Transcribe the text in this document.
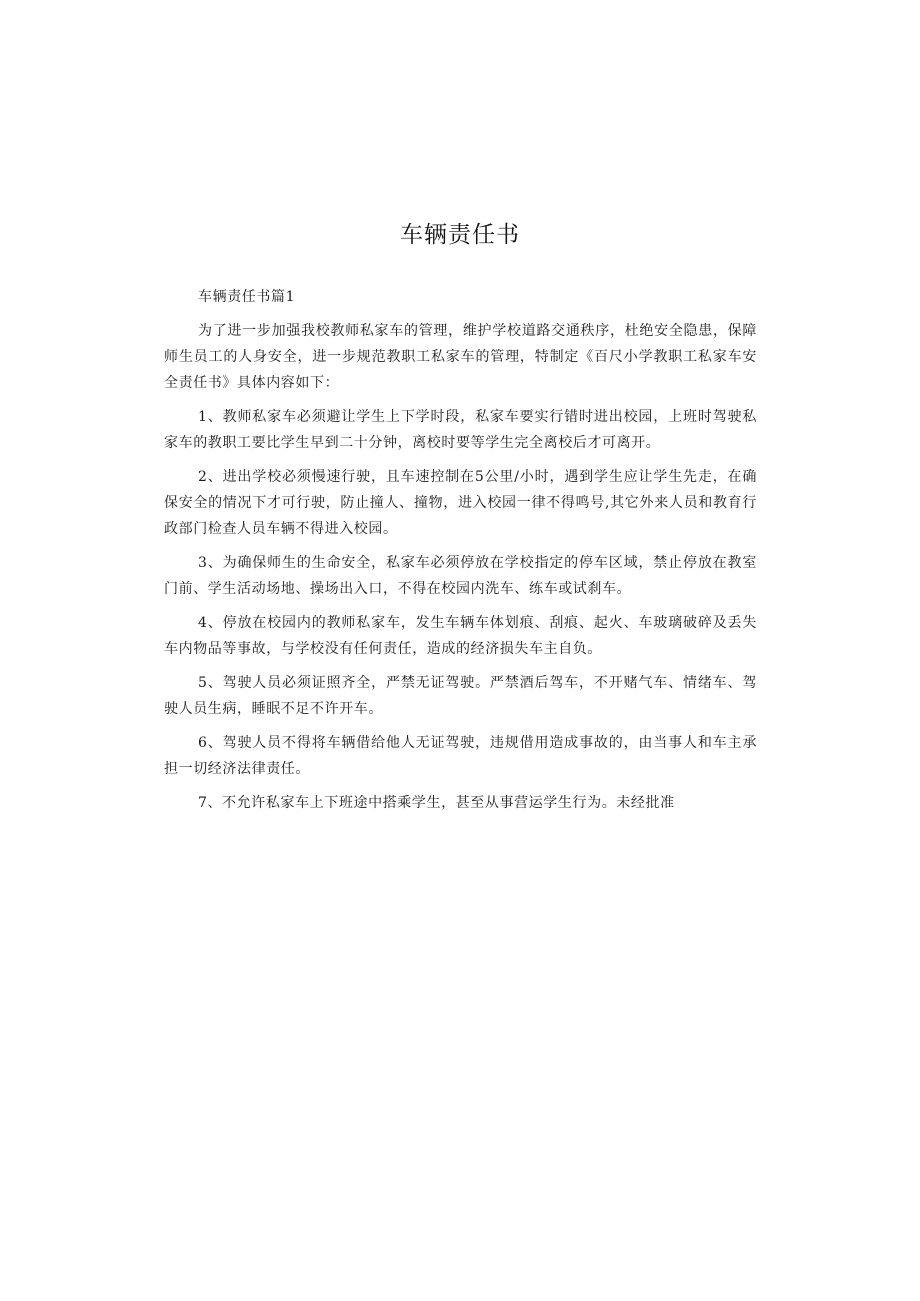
车辆责任书

车辆责任书篇1

为了进一步加强我校教师私家车的管理，维护学校道路交通秩序，杜绝安全隐患，保障师生员工的人身安全，进一步规范教职工私家车的管理，特制定《百尺小学教职工私家车安全责任书》具体内容如下：

1、教师私家车必须避让学生上下学时段，私家车要实行错时进出校园，上班时驾驶私家车的教职工要比学生早到二十分钟，离校时要等学生完全离校后才可离开。

2、进出学校必须慢速行驶，且车速控制在5公里/小时，遇到学生应让学生先走，在确保安全的情况下才可行驶，防止撞人、撞物，进入校园一律不得鸣号,其它外来人员和教育行政部门检查人员车辆不得进入校园。

3、为确保师生的生命安全，私家车必须停放在学校指定的停车区域，禁止停放在教室门前、学生活动场地、操场出入口，不得在校园内洗车、练车或试刹车。

4、停放在校园内的教师私家车，发生车辆车体划痕、刮痕、起火、车玻璃破碎及丢失车内物品等事故，与学校没有任何责任，造成的经济损失车主自负。

5、驾驶人员必须证照齐全，严禁无证驾驶。严禁酒后驾车，不开赌气车、情绪车、驾驶人员生病，睡眠不足不许开车。

6、驾驶人员不得将车辆借给他人无证驾驶，违规借用造成事故的，由当事人和车主承担一切经济法律责任。

7、不允许私家车上下班途中搭乘学生，甚至从事营运学生行为。未经批准
